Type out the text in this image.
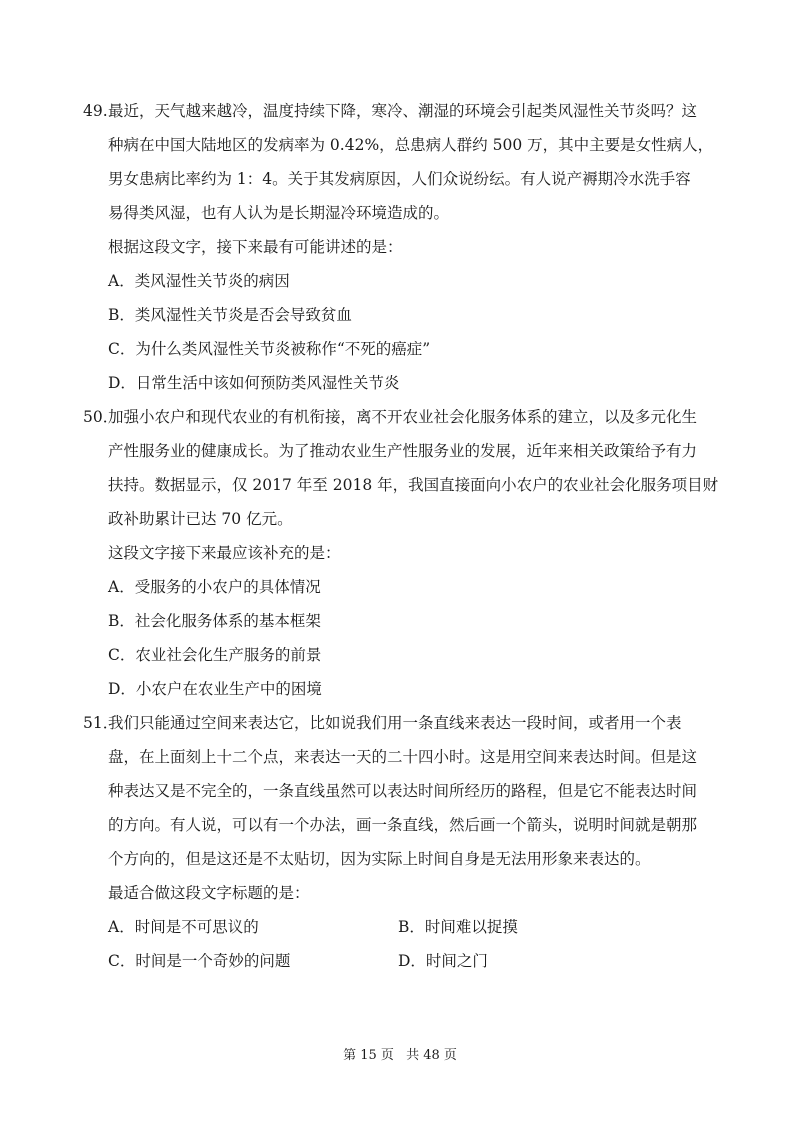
49. 最近，天气越来越冷，温度持续下降，寒冷、潮湿的环境会引起类风湿性关节炎吗？这
种病在中国大陆地区的发病率为 0.42%，总患病人群约 500 万，其中主要是女性病人，
男女患病比率约为 1：4。关于其发病原因，人们众说纷纭。有人说产褥期冷水洗手容
易得类风湿，也有人认为是长期湿冷环境造成的。
根据这段文字，接下来最有可能讲述的是：
A．类风湿性关节炎的病因
B．类风湿性关节炎是否会导致贫血
C．为什么类风湿性关节炎被称作“不死的癌症”
D．日常生活中该如何预防类风湿性关节炎
50．
加强小农户和现代农业的有机衔接，离不开农业社会化服务体系的建立，以及多元化生
产性服务业的健康成长。为了推动农业生产性服务业的发展，近年来相关政策给予有力
扶持。数据显示，仅 2017 年至 2018 年，我国直接面向小农户的农业社会化服务项目财
政补助累计已达 70 亿元。
这段文字接下来最应该补充的是：
A．受服务的小农户的具体情况
B．社会化服务体系的基本框架
C．农业社会化生产服务的前景
D．小农户在农业生产中的困境
51．
我们只能通过空间来表达它，比如说我们用一条直线来表达一段时间，或者用一个表
盘，在上面刻上十二个点，来表达一天的二十四小时。这是用空间来表达时间。但是这
种表达又是不完全的，一条直线虽然可以表达时间所经历的路程，但是它不能表达时间
的方向。有人说，可以有一个办法，画一条直线，然后画一个箭头，说明时间就是朝那
个方向的，但是这还是不太贴切，因为实际上时间自身是无法用形象来表达的。
最适合做这段文字标题的是：
A．时间是不可思议的	B．时间难以捉摸
C．时间是一个奇妙的问题	D．时间之门
第 15 页 共 48 页
